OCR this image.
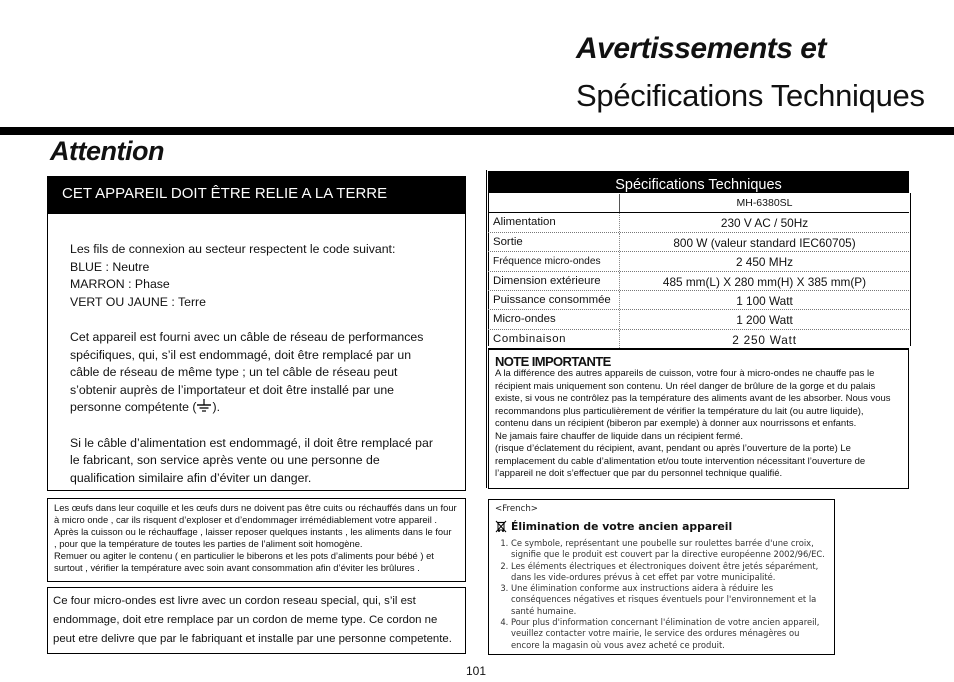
Avertissements et
Spécifications Techniques
Attention
CET APPAREIL DOIT ÊTRE RELIE A LA TERRE

Les fils de connexion au secteur respectent le code suivant:

BLUE : Neutre

MARRON : Phase

VERT OU JAUNE : Terre

Cet appareil est fourni avec un câble de réseau de performances

spécifiques, qui, s’il est endommagé, doit être remplacé par un

câble de réseau de même type ; un tel câble de réseau peut

s’obtenir auprès de l’importateur et doit être installé par une

personne compétente ( ).

Si le câble d’alimentation est endommagé, il doit être remplacé par

le fabricant, son service après vente ou une personne de

qualification similaire afin d’éviter un danger.

Les œufs dans leur coquille et les œufs durs ne doivent pas être cuits ou réchauffés dans un four

à micro onde , car ils risquent d’exploser et d’endommager irrémédiablement votre appareil .

Après la cuisson ou le réchauffage , laisser reposer quelques instants , les aliments dans le four

, pour que la température de toutes les parties de l’aliment soit homogène.

Remuer ou agiter le contenu ( en particulier le biberons et les pots d’aliments pour bébé ) et

surtout , vérifier la température avec soin avant consommation afin d’éviter les brûlures .

Ce four micro-ondes est livre avec un cordon reseau special, qui, s’il est
endommage, doit etre remplace par un cordon de meme type. Ce cordon ne
peut etre delivre que par le fabriquant et installe par une personne competente.
Spécifications Techniques
MH-6380SL
Alimentation	230 V AC / 50Hz
Sortie	800 W (valeur standard IEC60705)
Fréquence micro-ondes	2 450 MHz
Dimension extérieure	485 mm(L) X 280 mm(H) X 385 mm(P)
Puissance consommée	1 100 Watt
Micro-ondes	1 200 Watt
Combinaison	2 250 Watt
NOTE IMPORTANTE
A la différence des autres appareils de cuisson, votre four à micro-ondes ne chauffe pas le
récipient mais uniquement son contenu. Un réel danger de brûlure de la gorge et du palais
existe, si vous ne contrôlez pas la température des aliments avant de les absorber. Nous vous
recommandons plus particulièrement de vérifier la température du lait (ou autre liquide),
contenu dans un récipient (biberon par exemple) à donner aux nourrissons et enfants.
Ne jamais faire chauffer de liquide dans un récipient fermé.
(risque d’éclatement du récipient, avant, pendant ou après l’ouverture de la porte) Le
remplacement du cable d’alimentation et/ou toute intervention nécessitant l’ouverture de
l’appareil ne doit s’effectuer que par du personnel technique qualifié.
<French>
Élimination de votre ancien appareil
1. Ce symbole, représentant une poubelle sur roulettes barrée d'une croix, signifie que le produit est couvert par la directive européenne 2002/96/EC.
2. Les éléments électriques et électroniques doivent être jetés séparément, dans les vide-ordures prévus à cet effet par votre municipalité.
3. Une élimination conforme aux instructions aidera à réduire les conséquences négatives et risques éventuels pour l'environnement et la santé humaine.
4. Pour plus d'information concernant l'élimination de votre ancien appareil, veuillez contacter votre mairie, le service des ordures ménagères ou encore la magasin où vous avez acheté ce produit.
101
